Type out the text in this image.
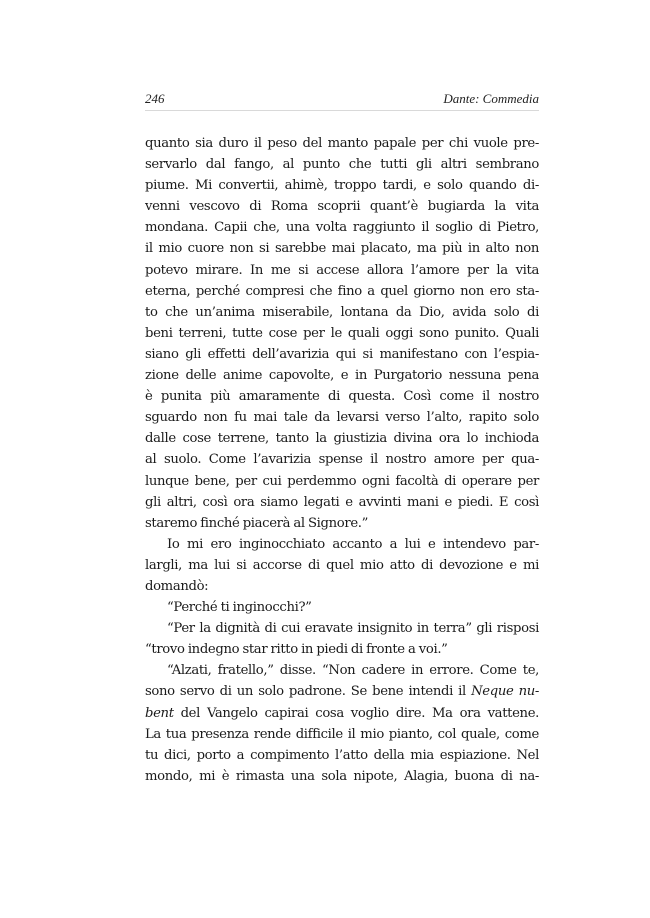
246	Dante: Commedia
quanto sia duro il peso del manto papale per chi vuole pre-
servarlo dal fango, al punto che tutti gli altri sembrano
piume. Mi convertii, ahimè, troppo tardi, e solo quando di-
venni vescovo di Roma scoprii quant’è bugiarda la vita
mondana. Capii che, una volta raggiunto il soglio di Pietro,
il mio cuore non si sarebbe mai placato, ma più in alto non
potevo mirare. In me si accese allora l’amore per la vita
eterna, perché compresi che fino a quel giorno non ero sta-
to che un’anima miserabile, lontana da Dio, avida solo di
beni terreni, tutte cose per le quali oggi sono punito. Quali
siano gli effetti dell’avarizia qui si manifestano con l’espia-
zione delle anime capovolte, e in Purgatorio nessuna pena
è punita più amaramente di questa. Così come il nostro
sguardo non fu mai tale da levarsi verso l’alto, rapito solo
dalle cose terrene, tanto la giustizia divina ora lo inchioda
al suolo. Come l’avarizia spense il nostro amore per qua-
lunque bene, per cui perdemmo ogni facoltà di operare per
gli altri, così ora siamo legati e avvinti mani e piedi. E così
staremo finché piacerà al Signore.”
Io mi ero inginocchiato accanto a lui e intendevo par-
largli, ma lui si accorse di quel mio atto di devozione e mi
domandò:
“Perché ti inginocchi?”
“Per la dignità di cui eravate insignito in terra” gli risposi
“trovo indegno star ritto in piedi di fronte a voi.”
“Alzati, fratello,” disse. “Non cadere in errore. Come te,
sono servo di un solo padrone. Se bene intendi il Neque nu-
bent del Vangelo capirai cosa voglio dire. Ma ora vattene.
La tua presenza rende difficile il mio pianto, col quale, come
tu dici, porto a compimento l’atto della mia espiazione. Nel
mondo, mi è rimasta una sola nipote, Alagia, buona di na-
